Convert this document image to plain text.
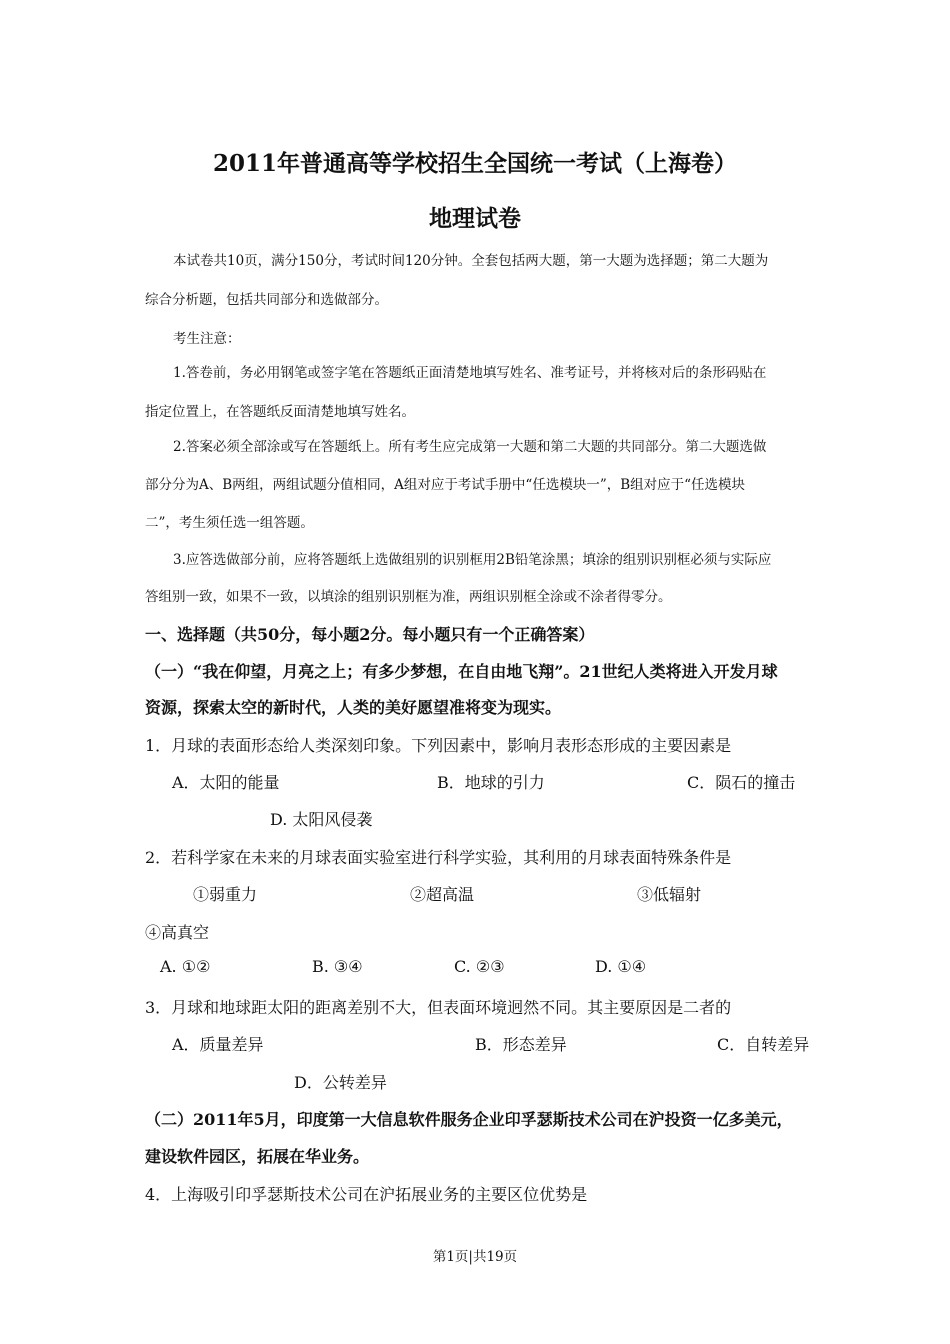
2011年普通高等学校招生全国统一考试（上海卷）
地理试卷
本试卷共10页，满分150分，考试时间120分钟。全套包括两大题，第一大题为选择题；第二大题为
综合分析题，包括共同部分和选做部分。
考生注意：
1.答卷前，务必用钢笔或签字笔在答题纸正面清楚地填写姓名、准考证号，并将核对后的条形码贴在
指定位置上，在答题纸反面清楚地填写姓名。
2.答案必须全部涂或写在答题纸上。所有考生应完成第一大题和第二大题的共同部分。第二大题选做
部分分为A、B两组，两组试题分值相同，A组对应于考试手册中“任选模块一”，B组对应于“任选模块
二”，考生须任选一组答题。
3.应答选做部分前，应将答题纸上选做组别的识别框用2B铅笔涂黑；填涂的组别识别框必须与实际应
答组别一致，如果不一致，以填涂的组别识别框为准，两组识别框全涂或不涂者得零分。
一、选择题（共50分，每小题2分。每小题只有一个正确答案）
（一）“我在仰望，月亮之上；有多少梦想，在自由地飞翔”。21世纪人类将进入开发月球
资源，探索太空的新时代，人类的美好愿望准将变为现实。
1．月球的表面形态给人类深刻印象。下列因素中，影响月表形态形成的主要因素是
A．太阳的能量	B．地球的引力	C．陨石的撞击
D. 太阳风侵袭
2．若科学家在未来的月球表面实验室进行科学实验，其利用的月球表面特殊条件是
①弱重力	②超高温	③低辐射
④高真空
A. ①②	B. ③④	C. ②③	D. ①④
3．月球和地球距太阳的距离差别不大，但表面环境迥然不同。其主要原因是二者的
A．质量差异	B．形态差异	C．自转差异
D．公转差异
（二）2011年5月，印度第一大信息软件服务企业印孚瑟斯技术公司在沪投资一亿多美元，
建设软件园区，拓展在华业务。
4．上海吸引印孚瑟斯技术公司在沪拓展业务的主要区位优势是
第1页|共19页
